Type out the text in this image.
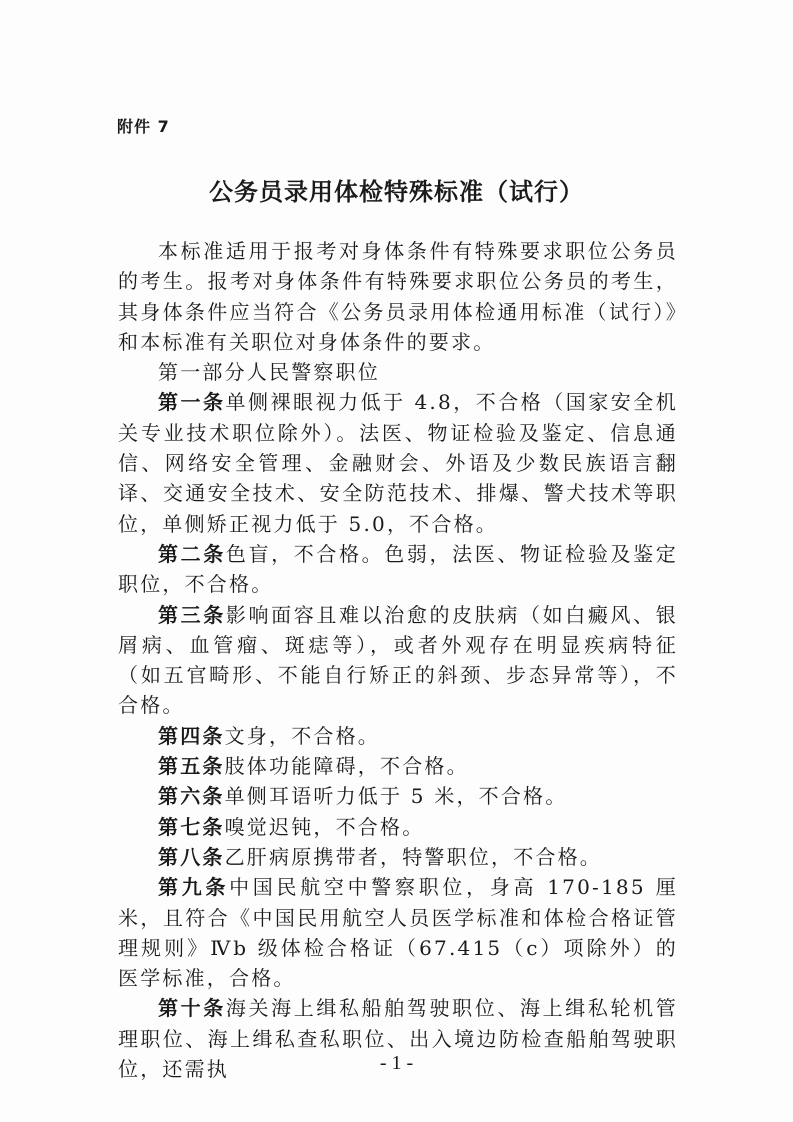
附件 7
公务员录用体检特殊标准（试行）

本标准适用于报考对身体条件有特殊要求职位公务员的考生。报考对身体条件有特殊要求职位公务员的考生，其身体条件应当符合《公务员录用体检通用标准（试行）》和本标准有关职位对身体条件的要求。

第一部分人民警察职位

第一条单侧裸眼视力低于 4.8，不合格（国家安全机关专业技术职位除外）。法医、物证检验及鉴定、信息通信、网络安全管理、金融财会、外语及少数民族语言翻译、交通安全技术、安全防范技术、排爆、警犬技术等职位，单侧矫正视力低于 5.0，不合格。

第二条色盲，不合格。色弱，法医、物证检验及鉴定职位，不合格。

第三条影响面容且难以治愈的皮肤病（如白癜风、银屑病、血管瘤、斑痣等），或者外观存在明显疾病特征（如五官畸形、不能自行矫正的斜颈、步态异常等），不合格。

第四条文身，不合格。

第五条肢体功能障碍，不合格。

第六条单侧耳语听力低于 5 米，不合格。

第七条嗅觉迟钝，不合格。

第八条乙肝病原携带者，特警职位，不合格。

第九条中国民航空中警察职位，身高 170-185 厘米，且符合《中国民用航空人员医学标准和体检合格证管理规则》Ⅳb 级体检合格证（67.415（c）项除外）的医学标准，合格。

第十条海关海上缉私船舶驾驶职位、海上缉私轮机管理职位、海上缉私查私职位、出入境边防检查船舶驾驶职位，还需执	- 1 -
